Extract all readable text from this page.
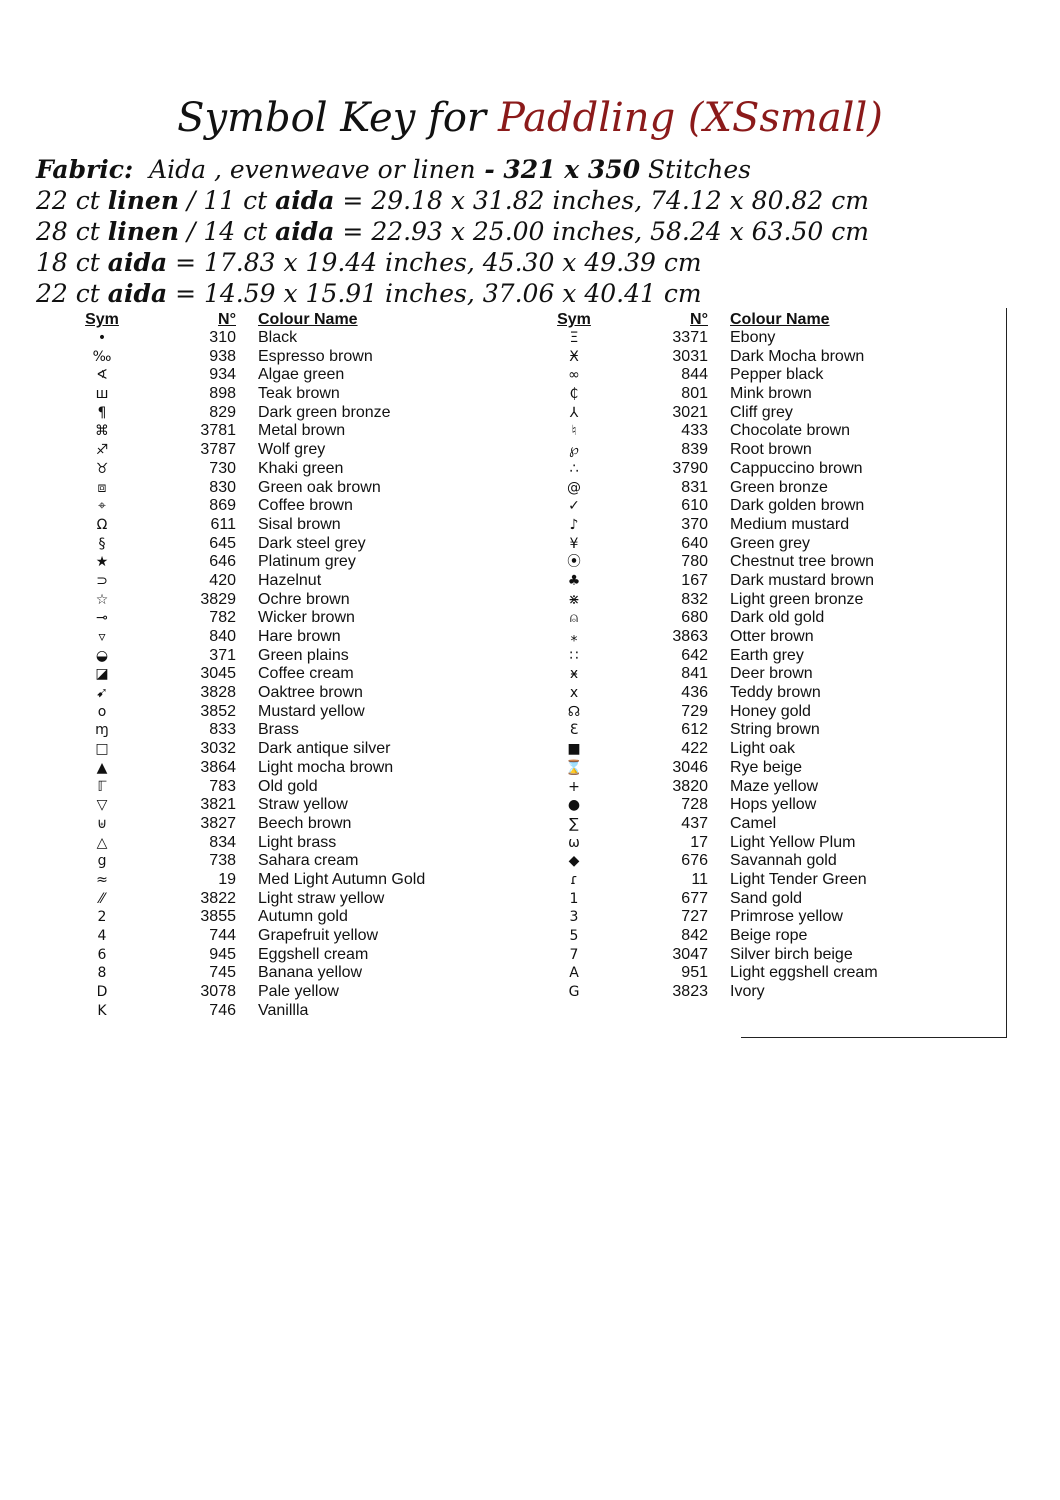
Symbol Key for Paddling (XSsmall)
Fabric: Aida , evenweave or linen - 321 x 350 Stitches
22 ct linen / 11 ct aida = 29.18 x 31.82 inches, 74.12 x 80.82 cm
28 ct linen / 14 ct aida = 22.93 x 25.00 inches, 58.24 x 63.50 cm
18 ct aida = 17.83 x 19.44 inches, 45.30 x 49.39 cm
22 ct aida = 14.59 x 15.91 inches, 37.06 x 40.41 cm
Sym	N°	Colour Name
•	310	Black
‰	938	Espresso brown
∢	934	Algae green
ш	898	Teak brown
¶	829	Dark green bronze
⌘	3781	Metal brown
♐	3787	Wolf grey
♉	730	Khaki green
⧈	830	Green oak brown
⌖	869	Coffee brown
Ω	611	Sisal brown
§	645	Dark steel grey
★	646	Platinum grey
⊃	420	Hazelnut
☆	3829	Ochre brown
⊸	782	Wicker brown
▿	840	Hare brown
◒	371	Green plains
◪	3045	Coffee cream
➹	3828	Oaktree brown
o	3852	Mustard yellow
ɱ	833	Brass
□	3032	Dark antique silver
▲	3864	Light mocha brown
ℾ	783	Old gold
▽	3821	Straw yellow
⊎	3827	Beech brown
△	834	Light brass
ց	738	Sahara cream
≈	19	Med Light Autumn Gold
⁄⁄	3822	Light straw yellow
2	3855	Autumn gold
4	744	Grapefruit yellow
6	945	Eggshell cream
8	745	Banana yellow
D	3078	Pale yellow
K	746	Vanillla
Sym	N°	Colour Name
Ξ	3371	Ebony
Ӿ	3031	Dark Mocha brown
∞	844	Pepper black
₵	801	Mink brown
⅄	3021	Cliff grey
♮	433	Chocolate brown
℘	839	Root brown
∴	3790	Cappuccino brown
@	831	Green bronze
✓	610	Dark golden brown
♪	370	Medium mustard
¥	640	Green grey
⦿	780	Chestnut tree brown
♣	167	Dark mustard brown
⋇	832	Light green bronze
⍝	680	Dark old gold
⁎	3863	Otter brown
∷	642	Earth grey
ӿ	841	Deer brown
x	436	Teddy brown
☊	729	Honey gold
Ɛ	612	String brown
■	422	Light oak
⌛	3046	Rye beige
+	3820	Maze yellow
●	728	Hops yellow
∑	437	Camel
ω	17	Light Yellow Plum
◆	676	Savannah gold
ɾ	11	Light Tender Green
1	677	Sand gold
3	727	Primrose yellow
5	842	Beige rope
7	3047	Silver birch beige
A	951	Light eggshell cream
G	3823	Ivory
